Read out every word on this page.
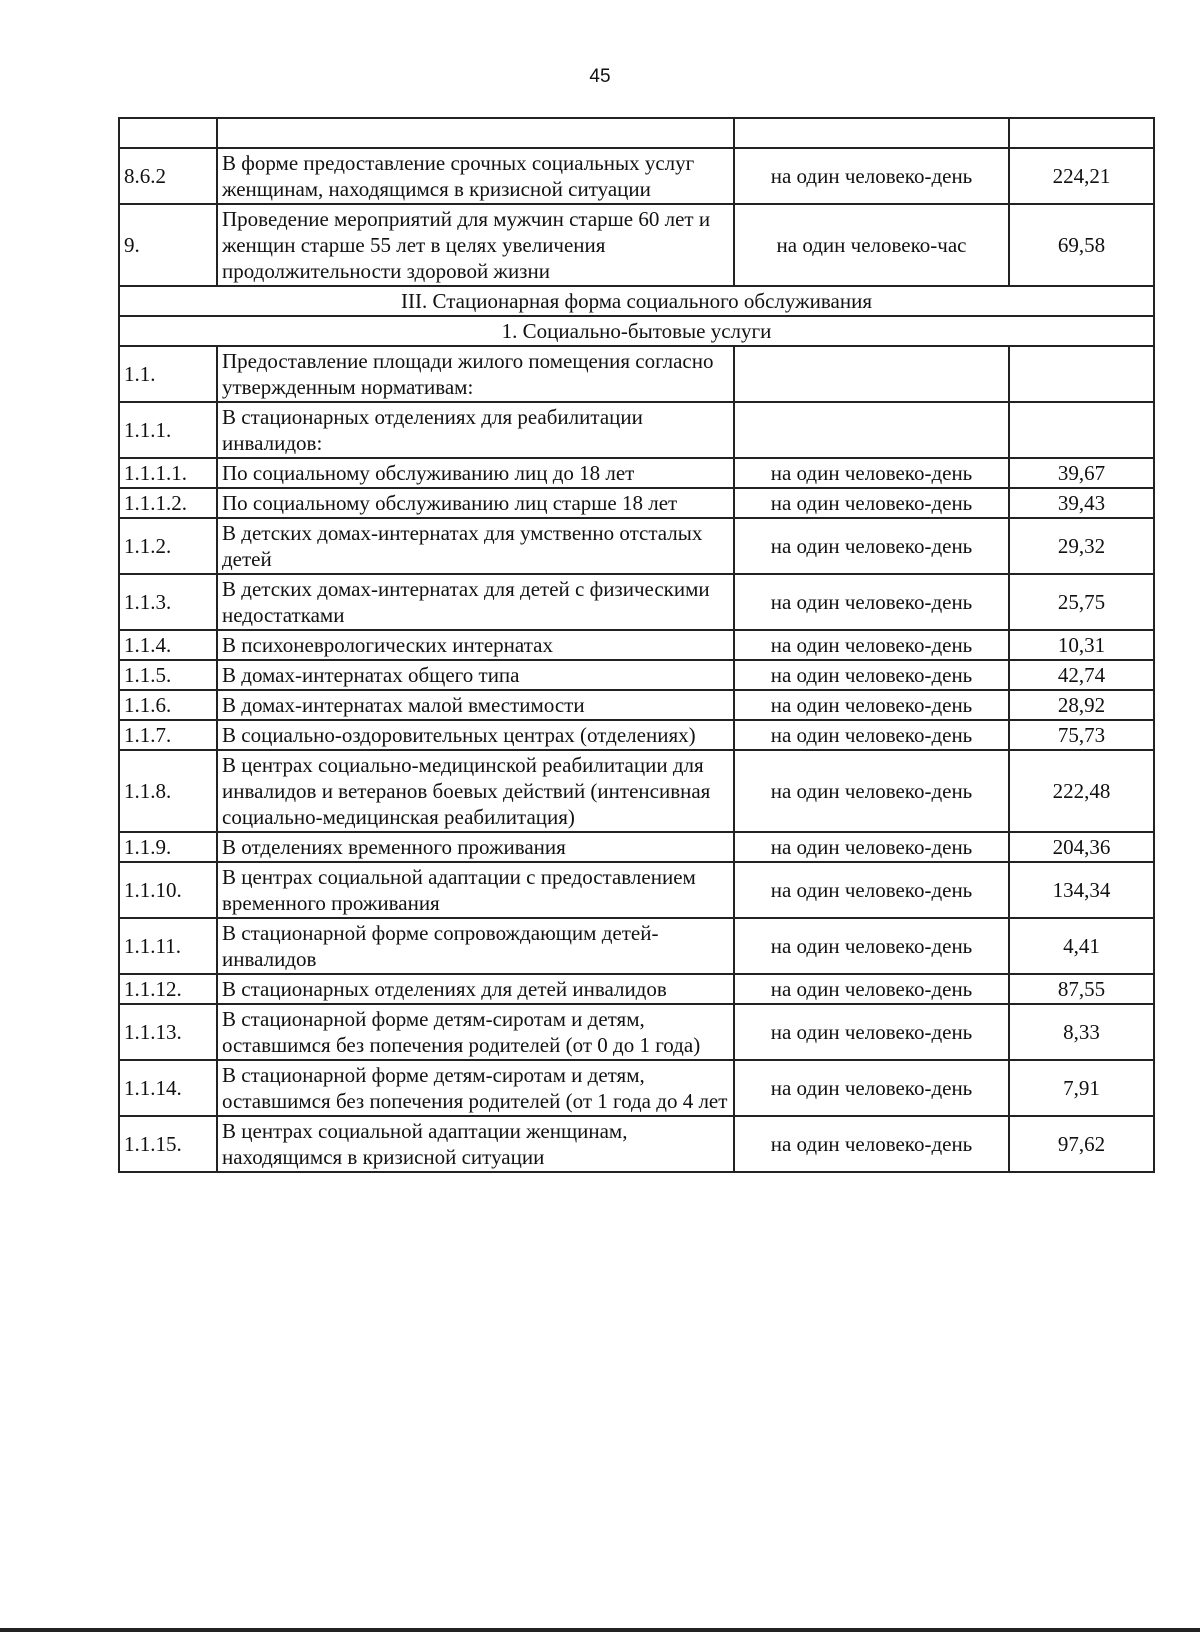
45

8.6.2	В форме предоставление срочных социальных услуг женщинам, находящимся в кризисной ситуации	на один человеко-день	224,21
9.	Проведение мероприятий для мужчин старше 60 лет и женщин старше 55 лет в целях увеличения продолжительности здоровой жизни	на один человеко-час	69,58
III. Стационарная форма социального обслуживания			
1. Социально-бытовые услуги			
1.1.	Предоставление площади жилого помещения согласно утвержденным нормативам:		
1.1.1.	В стационарных отделениях для реабилитации инвалидов:		
1.1.1.1.	По социальному обслуживанию лиц до 18 лет	на один человеко-день	39,67
1.1.1.2.	По социальному обслуживанию лиц старше 18 лет	на один человеко-день	39,43
1.1.2.	В детских домах-интернатах для умственно отсталых детей	на один человеко-день	29,32
1.1.3.	В детских домах-интернатах для детей с физическими недостатками	на один человеко-день	25,75
1.1.4.	В психоневрологических интернатах	на один человеко-день	10,31
1.1.5.	В домах-интернатах общего типа	на один человеко-день	42,74
1.1.6.	В домах-интернатах малой вместимости	на один человеко-день	28,92
1.1.7.	В социально-оздоровительных центрах (отделениях)	на один человеко-день	75,73
1.1.8.	В центрах социально-медицинской реабилитации для инвалидов и ветеранов боевых действий (интенсивная социально-медицинская реабилитация)	на один человеко-день	222,48
1.1.9.	В отделениях временного проживания	на один человеко-день	204,36
1.1.10.	В центрах социальной адаптации с предоставлением временного проживания	на один человеко-день	134,34
1.1.11.	В стационарной форме сопровождающим детей-инвалидов	на один человеко-день	4,41
1.1.12.	В стационарных отделениях для детей инвалидов	на один человеко-день	87,55
1.1.13.	В стационарной форме детям-сиротам и детям, оставшимся без попечения родителей (от 0 до 1 года)	на один человеко-день	8,33
1.1.14.	В стационарной форме детям-сиротам и детям, оставшимся без попечения родителей (от 1 года до 4 лет	на один человеко-день	7,91
1.1.15.	В центрах социальной адаптации женщинам, находящимся в кризисной ситуации	на один человеко-день	97,62
